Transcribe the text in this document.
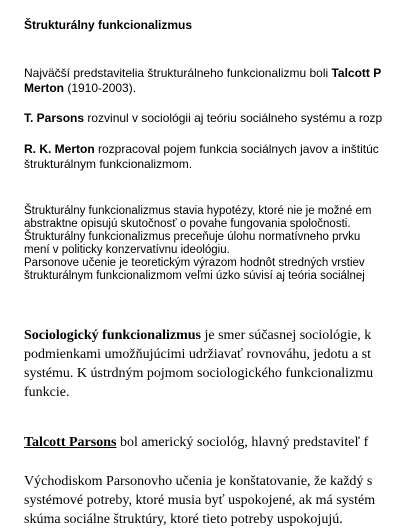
Štrukturálny funkcionalizmus
Najväčší predstavitelia štrukturálneho funkcionalizmu boli Talcott P
Merton (1910-2003).
T. Parsons rozvinul v sociológii aj teóriu sociálneho systému a rozp
R. K. Merton rozpracoval pojem funkcia sociálnych javov a inštitúc
štrukturálnym funkcionalizmom.
Štrukturálny funkcionalizmus stavia hypotézy, ktoré nie je možné em
abstraktne opisujú skutočnosť o povahe fungovania spoločnosti.
Štrukturálny funkcionalizmus preceňuje úlohu normatívneho prvku
mení v politicky konzervatívnu ideológiu.
Parsonove učenie je teoretickým výrazom hodnôt stredných vrstiev
štrukturálnym funkcionalizmom veľmi úzko súvisí aj teória sociálnej
Sociologický funkcionalizmus je smer súčasnej sociológie, k
podmienkami umožňujúcimi udržiavať rovnováhu, jedotu a st
systému. K ústrdným pojmom sociologického funkcionalizmu
funkcie.
Talcott Parsons bol americký sociológ, hlavný predstaviteľ f
Východiskom Parsonovho učenia je konštatovanie, že každý s
systémové potreby, ktoré musia byť uspokojené, ak má systém
skúma sociálne štruktúry, ktoré tieto potreby uspokojujú.
